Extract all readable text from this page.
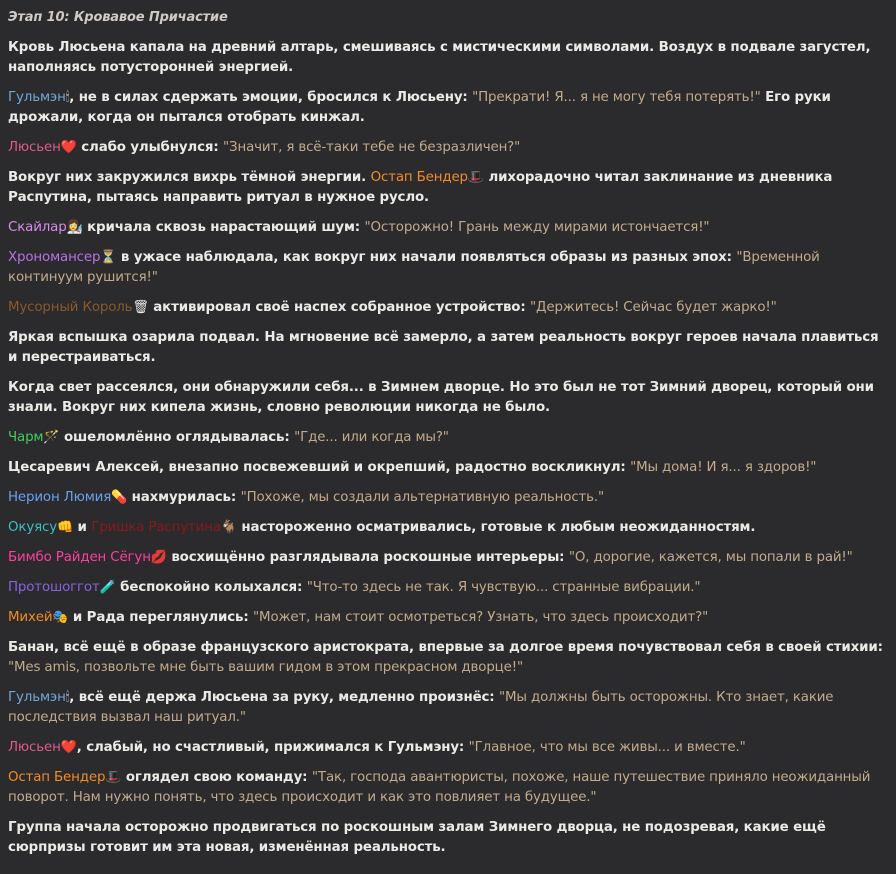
Этап 10: Кровавое Причастие
Кровь Люсьена капала на древний алтарь, смешиваясь с мистическими символами. Воздух в подвале загустел, наполняясь потусторонней энергией.
Гульмэн🕯, не в силах сдержать эмоции, бросился к Люсьену: "Прекрати! Я... я не могу тебя потерять!" Его руки дрожали, когда он пытался отобрать кинжал.
Люсьен❤️ слабо улыбнулся: "Значит, я всё-таки тебе не безразличен?"
Вокруг них закружился вихрь тёмной энергии. Остап Бендер🎩 лихорадочно читал заклинание из дневника Распутина, пытаясь направить ритуал в нужное русло.
Скайлар👩‍🔬 кричала сквозь нарастающий шум: "Осторожно! Грань между мирами истончается!"
Хрономансер⏳ в ужасе наблюдала, как вокруг них начали появляться образы из разных эпох: "Временной континуум рушится!"
Мусорный Король🗑 активировал своё наспех собранное устройство: "Держитесь! Сейчас будет жарко!"
Яркая вспышка озарила подвал. На мгновение всё замерло, а затем реальность вокруг героев начала плавиться и перестраиваться.
Когда свет рассеялся, они обнаружили себя... в Зимнем дворце. Но это был не тот Зимний дворец, который они знали. Вокруг них кипела жизнь, словно революции никогда не было.
Чарм🪄 ошеломлённо оглядывалась: "Где... или когда мы?"
Цесаревич Алексей, внезапно посвежевший и окрепший, радостно воскликнул: "Мы дома! И я... я здоров!"
Нерион Люмия💊 нахмурилась: "Похоже, мы создали альтернативную реальность."
Окуясу👊 и Гришка Распутина🐐 настороженно осматривались, готовые к любым неожиданностям.
Бимбо Райден Сёгун💋 восхищённо разглядывала роскошные интерьеры: "О, дорогие, кажется, мы попали в рай!"
Протошоггот🧪 беспокойно колыхался: "Что-то здесь не так. Я чувствую... странные вибрации."
Михей🎭 и Рада переглянулись: "Может, нам стоит осмотреться? Узнать, что здесь происходит?"
Банан, всё ещё в образе французского аристократа, впервые за долгое время почувствовал себя в своей стихии: "Mes amis, позвольте мне быть вашим гидом в этом прекрасном дворце!"
Гульмэн🕯, всё ещё держа Люсьена за руку, медленно произнёс: "Мы должны быть осторожны. Кто знает, какие последствия вызвал наш ритуал."
Люсьен❤️, слабый, но счастливый, прижимался к Гульмэну: "Главное, что мы все живы... и вместе."
Остап Бендер🎩 оглядел свою команду: "Так, господа авантюристы, похоже, наше путешествие приняло неожиданный поворот. Нам нужно понять, что здесь происходит и как это повлияет на будущее."
Группа начала осторожно продвигаться по роскошным залам Зимнего дворца, не подозревая, какие ещё сюрпризы готовит им эта новая, изменённая реальность.
